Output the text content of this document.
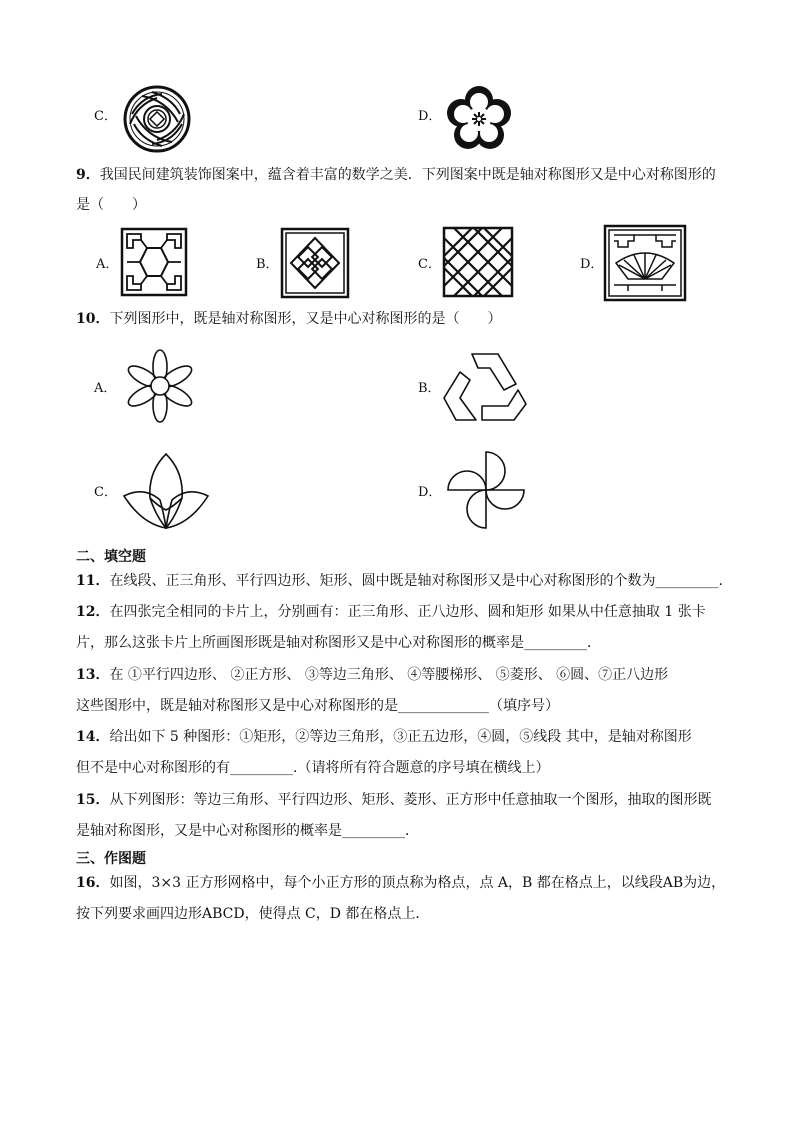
C．	D．
9．我国民间建筑装饰图案中，蕴含着丰富的数学之美．下列图案中既是轴对称图形又是中心对称图形的
是（　　）
A．	B．	C．	D．
10．下列图形中，既是轴对称图形，又是中心对称图形的是（　　）
A．	B．
C．	D．
二、填空题
11．在线段、正三角形、平行四边形、矩形、圆中既是轴对称图形又是中心对称图形的个数为_________.
12．在四张完全相同的卡片上，分别画有：正三角形、正八边形、圆和矩形 如果从中任意抽取 1 张卡
片，那么这张卡片上所画图形既是轴对称图形又是中心对称图形的概率是_________．
13．在 ①平行四边形、 ②正方形、 ③等边三角形、 ④等腰梯形、 ⑤菱形、 ⑥圆、⑦正八边形
这些图形中，既是轴对称图形又是中心对称图形的是_____________（填序号）
14．给出如下 5 种图形：①矩形，②等边三角形，③正五边形，④圆，⑤线段 其中，是轴对称图形
但不是中心对称图形的有_________.（请将所有符合题意的序号填在横线上）
15．从下列图形：等边三角形、平行四边形、矩形、菱形、正方形中任意抽取一个图形，抽取的图形既
是轴对称图形，又是中心对称图形的概率是_________．
三、作图题
16．如图，3×3 正方形网格中，每个小正方形的顶点称为格点，点 A，B 都在格点上，以线段AB为边，
按下列要求画四边形ABCD，使得点 C，D 都在格点上．
